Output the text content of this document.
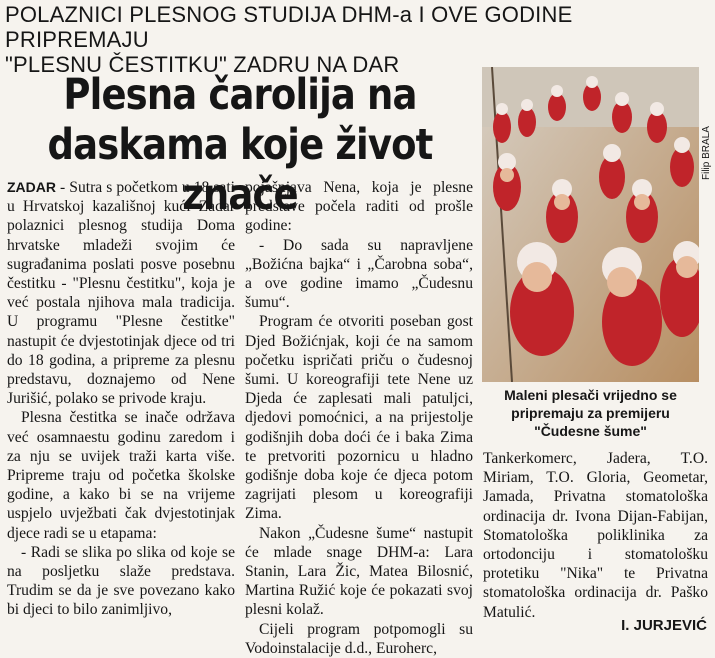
POLAZNICI PLESNOG STUDIJA DHM-a I OVE GODINE PRIPREMAJU
"PLESNU ČESTITKU" ZADRU NA DAR
Plesna čarolija na
daskama koje život znače

ZADAR - Sutra s početkom u 18 sati u Hrvatskoj kazališnoj kući Zadar polaznici plesnog studija Doma hrvatske mladeži svojim će sugrađanima poslati posve posebnu čestitku - "Plesnu čestitku", koja je već postala njihova mala tradicija. U programu "Plesne čestitke" nastupit će dvjestotinjak djece od tri do 18 godina, a pripreme za plesnu predstavu, doznajemo od Nene Jurišić, polako se privode kraju.

Plesna čestitka se inače održava već osamnaestu godinu zaredom i za nju se uvijek traži karta više. Pripreme traju od početka školske godine, a kako bi se na vrijeme uspjelo uvježbati čak dvjestotinjak djece radi se u etapama:

- Radi se slika po slika od koje se na posljetku slaže predstava. Trudim se da je sve povezano kako bi djeci to bilo zanimljivo,

pojašnjava Nena, koja je plesne predstave počela raditi od prošle godine:

- Do sada su napravljene „Božićna bajka“ i „Čarobna soba“, a ove godine imamo „Čudesnu šumu“.

Program će otvoriti poseban gost Djed Božićnjak, koji će na samom početku ispričati priču o čudesnoj šumi. U koreografiji tete Nene uz Djeda će zaplesati mali patuljci, djedovi pomoćnici, a na prijestolje godišnjih doba doći će i baka Zima te pretvoriti pozornicu u hladno godišnje doba koje će djeca potom zagrijati plesom u koreografiji Zima.

Nakon „Čudesne šume“ nastupit će mlade snage DHM-a: Lara Stanin, Lara Žic, Matea Bilosnić, Martina Ružić koje će pokazati svoj plesni kolaž.

Cijeli program potpomogli su Vodoinstalacije d.d., Euroherc,

Filip BRALA
Maleni plesači vrijedno se
pripremaju za premijeru
"Čudesne šume"

Tankerkomerc, Jadera, T.O. Miriam, T.O. Gloria, Geometar, Jamada, Privatna stomatološka ordinacija dr. Ivona Dijan-Fabijan, Stomatološka poliklinika za ortodonciju i stomatološku protetiku "Nika" te Privatna stomatološka ordinacija dr. Paško Matulić.

I. JURJEVIĆ
